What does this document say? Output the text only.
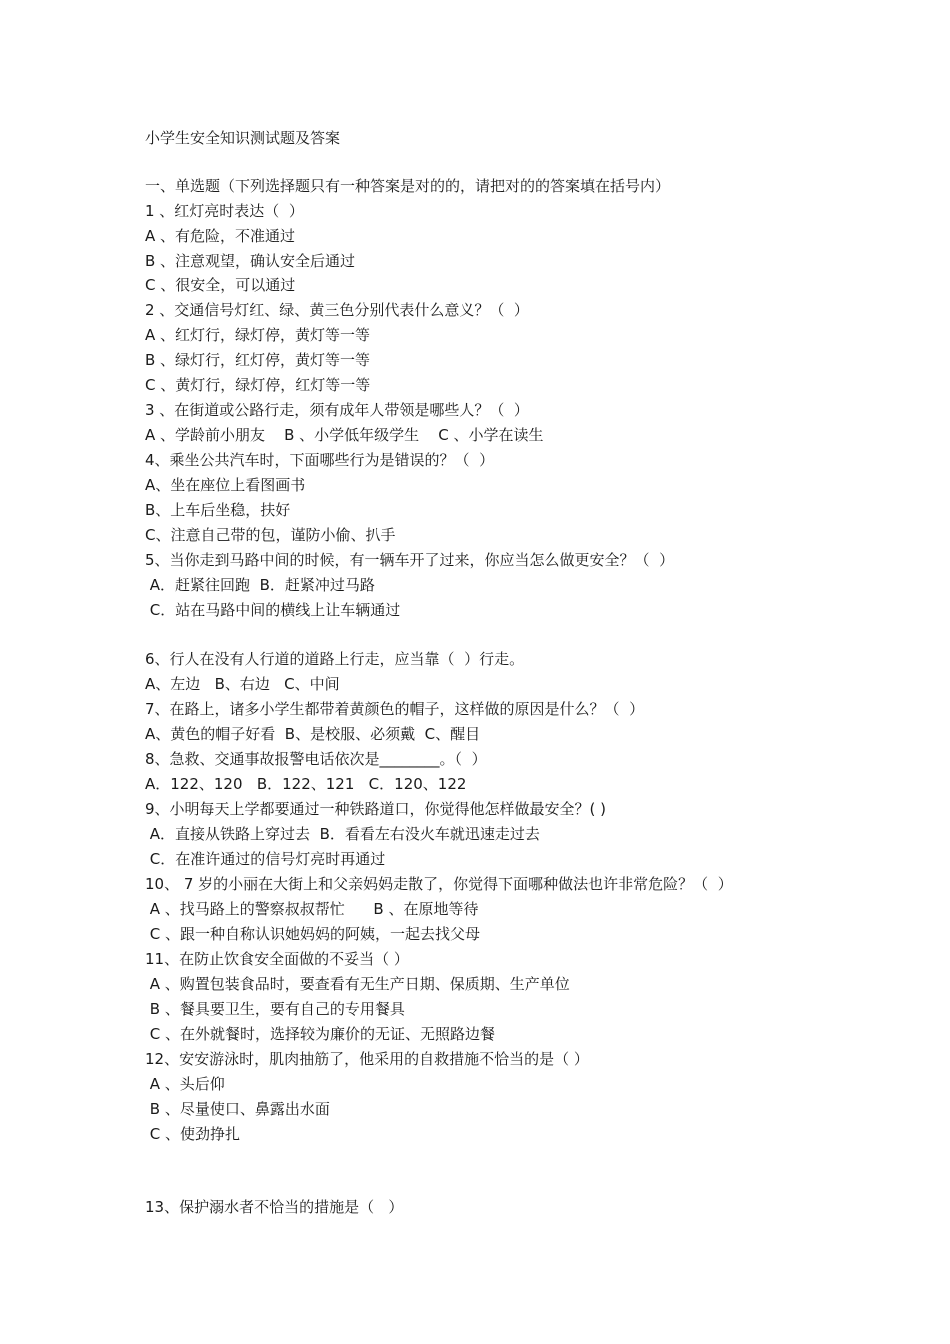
小学生安全知识测试题及答案
一、单选题（下列选择题只有一种答案是对的的，请把对的的答案填在括号内）
1 、红灯亮时表达（  ）
A 、有危险，不准通过
B 、注意观望，确认安全后通过
C 、很安全，可以通过
2 、交通信号灯红、绿、黄三色分别代表什么意义？（  ）
A 、红灯行，绿灯停，黄灯等一等
B 、绿灯行，红灯停，黄灯等一等
C 、黄灯行，绿灯停，红灯等一等
3 、在街道或公路行走，须有成年人带领是哪些人？（  ）
A 、学龄前小朋友    B 、小学低年级学生    C 、小学在读生
4、乘坐公共汽车时，下面哪些行为是错误的？（  ）
A、坐在座位上看图画书
B、上车后坐稳，扶好
C、注意自己带的包，谨防小偷、扒手
5、当你走到马路中间的时候，有一辆车开了过来，你应当怎么做更安全？（  ）
A．赶紧往回跑  B．赶紧冲过马路
C．站在马路中间的横线上让车辆通过
6、行人在没有人行道的道路上行走，应当靠（  ）行走。
A、左边   B、右边   C、中间
7、在路上，诸多小学生都带着黄颜色的帽子，这样做的原因是什么？（  ）
A、黄色的帽子好看  B、是校服、必须戴  C、醒目
8、急救、交通事故报警电话依次是________。（  ）
A．122、120   B．122、121   C．120、122
9、小明每天上学都要通过一种铁路道口，你觉得他怎样做最安全？( )
A．直接从铁路上穿过去  B．看看左右没火车就迅速走过去
C．在准许通过的信号灯亮时再通过
10、 7 岁的小丽在大街上和父亲妈妈走散了，你觉得下面哪种做法也许非常危险？（  ）
A 、找马路上的警察叔叔帮忙      B 、在原地等待
C 、跟一种自称认识她妈妈的阿姨，一起去找父母
11、在防止饮食安全面做的不妥当（ ）
A 、购置包装食品时，要查看有无生产日期、保质期、生产单位
B 、餐具要卫生，要有自己的专用餐具
C 、在外就餐时，选择较为廉价的无证、无照路边餐
12、安安游泳时，肌肉抽筋了，他采用的自救措施不恰当的是（ ）
A 、头后仰
B 、尽量使口、鼻露出水面
C 、使劲挣扎
13、保护溺水者不恰当的措施是（   ）
